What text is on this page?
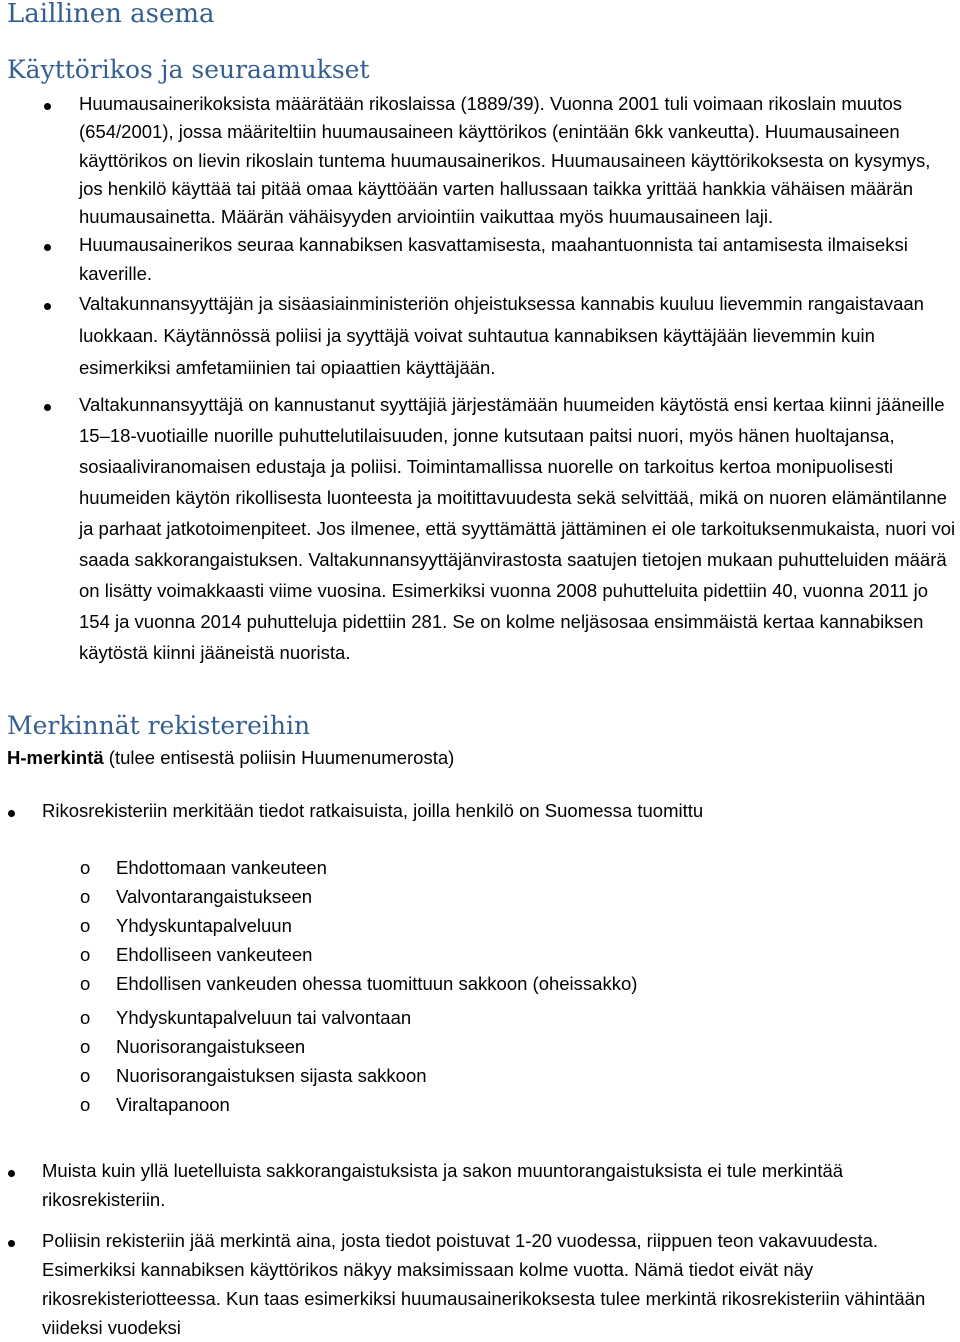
Laillinen asema
Käyttörikos ja seuraamukset
Huumausainerikoksista määrätään rikoslaissa (1889/39). Vuonna 2001 tuli voimaan rikoslain muutos (654/2001), jossa määriteltiin huumausaineen käyttörikos (enintään 6kk vankeutta). Huumausaineen käyttörikos on lievin rikoslain tuntema huumausainerikos. Huumausaineen käyttörikoksesta on kysymys, jos henkilö käyttää tai pitää omaa käyttöään varten hallussaan taikka yrittää hankkia vähäisen määrän huumausainetta. Määrän vähäisyyden arviointiin vaikuttaa myös huumausaineen laji.
Huumausainerikos seuraa kannabiksen kasvattamisesta, maahantuonnista tai antamisesta ilmaiseksi kaverille.
Valtakunnansyyttäjän ja sisäasiainministeriön ohjeistuksessa kannabis kuuluu lievemmin rangaistavaan luokkaan. Käytännössä poliisi ja syyttäjä voivat suhtautua kannabiksen käyttäjään lievemmin kuin esimerkiksi amfetamiinien tai opiaattien käyttäjään.
Valtakunnansyyttäjä on kannustanut syyttäjiä järjestämään huumeiden käytöstä ensi kertaa kiinni jääneille 15–18-vuotiaille nuorille puhuttelutilaisuuden, jonne kutsutaan paitsi nuori, myös hänen huoltajansa, sosiaaliviranomaisen edustaja ja poliisi. Toimintamallissa nuorelle on tarkoitus kertoa monipuolisesti huumeiden käytön rikollisesta luonteesta ja moitittavuudesta sekä selvittää, mikä on nuoren elämäntilanne ja parhaat jatkotoimenpiteet. Jos ilmenee, että syyttämättä jättäminen ei ole tarkoituksenmukaista, nuori voi saada sakkorangaistuksen. Valtakunnansyyttäjänvirastosta saatujen tietojen mukaan puhutteluiden määrä on lisätty voimakkaasti viime vuosina. Esimerkiksi vuonna 2008 puhutteluita pidettiin 40, vuonna 2011 jo 154 ja vuonna 2014 puhutteluja pidettiin 281. Se on kolme neljäsosaa ensimmäistä kertaa kannabiksen käytöstä kiinni jääneistä nuorista.
Merkinnät rekistereihin
H-merkintä (tulee entisestä poliisin Huumenumerosta)
Rikosrekisteriin merkitään tiedot ratkaisuista, joilla henkilö on Suomessa tuomittu
o Ehdottomaan vankeuteen
o Valvontarangaistukseen
o Yhdyskuntapalveluun
o Ehdolliseen vankeuteen
o Ehdollisen vankeuden ohessa tuomittuun sakkoon (oheissakko)
o Yhdyskuntapalveluun tai valvontaan
o Nuorisorangaistukseen
o Nuorisorangaistuksen sijasta sakkoon
o Viraltapanoon
Muista kuin yllä luetelluista sakkorangaistuksista ja sakon muuntorangaistuksista ei tule merkintää rikosrekisteriin.
Poliisin rekisteriin jää merkintä aina, josta tiedot poistuvat 1-20 vuodessa, riippuen teon vakavuudesta. Esimerkiksi kannabiksen käyttörikos näkyy maksimissaan kolme vuotta. Nämä tiedot eivät näy rikosrekisteriotteessa. Kun taas esimerkiksi huumausainerikoksesta tulee merkintä rikosrekisteriin vähintään viideksi vuodeksi
